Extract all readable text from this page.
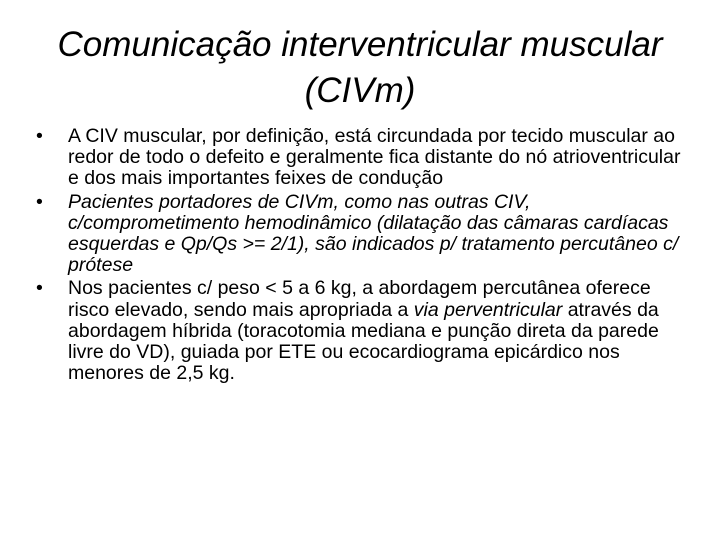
Comunicação interventricular muscular
(CIVm)
• A CIV muscular, por definição, está circundada por tecido muscular ao redor de todo o defeito e geralmente fica distante do nó atrioventricular e dos mais importantes feixes de condução
• Pacientes portadores de CIVm, como nas outras CIV, c/comprometimento hemodinâmico (dilatação das câmaras cardíacas esquerdas e Qp/Qs >= 2/1), são indicados p/ tratamento percutâneo c/ prótese
• Nos pacientes c/ peso < 5 a 6 kg, a abordagem percutânea oferece risco elevado, sendo mais apropriada a via perventricular através da abordagem híbrida (toracotomia mediana e punção direta da parede livre do VD), guiada por ETE ou ecocardiograma epicárdico nos menores de 2,5 kg.
